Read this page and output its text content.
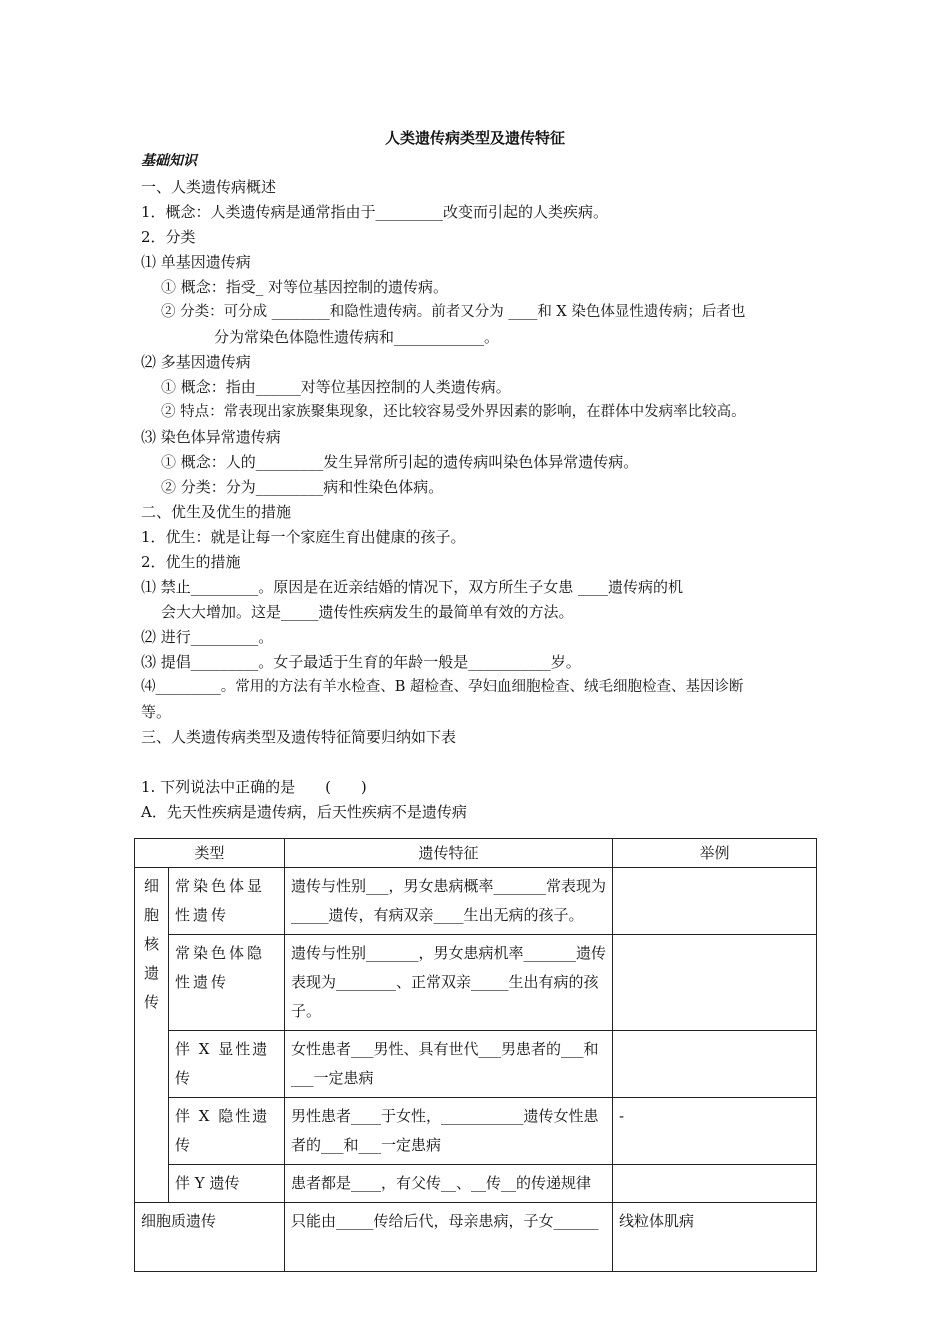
人类遗传病类型及遗传特征
基础知识
一、人类遗传病概述
1．概念：人类遗传病是通常指由于_________改变而引起的人类疾病。
2．分类
⑴ 单基因遗传病
① 概念：指受_ 对等位基因控制的遗传病。
② 分类：可分成 ________和隐性遗传病。前者又分为 ____和 X 染色体显性遗传病；后者也
分为常染色体隐性遗传病和____________。
⑵ 多基因遗传病
① 概念：指由______对等位基因控制的人类遗传病。
② 特点：常表现出家族聚集现象，还比较容易受外界因素的影响，在群体中发病率比较高。
⑶ 染色体异常遗传病
① 概念：人的_________发生异常所引起的遗传病叫染色体异常遗传病。
② 分类：分为_________病和性染色体病。
二、优生及优生的措施
1．优生：就是让每一个家庭生育出健康的孩子。
2．优生的措施
⑴ 禁止_________。原因是在近亲结婚的情况下，双方所生子女患 ____遗传病的机
会大大增加。这是_____遗传性疾病发生的最简单有效的方法。
⑵ 进行_________。
⑶ 提倡_________。女子最适于生育的年龄一般是___________岁。
⑷_________。常用的方法有羊水检查、B 超检查、孕妇血细胞检查、绒毛细胞检查、基因诊断
等。
三、人类遗传病类型及遗传特征简要归纳如下表
1. 下列说法中正确的是　　(　　)
A．先天性疾病是遗传病，后天性疾病不是遗传病
类型		遗传特征	举例

细胞核遗传	常染色体显性遗传	遗传与性别___，男女患病概率_______常表现为_____遗传，有病双亲____生出无病的孩子。	
	常染色体隐性遗传	遗传与性别_______，男女患病机率_______遗传表现为________、正常双亲_____生出有病的孩子。	
	伴 X 显性遗传	女性患者___男性、具有世代___男患者的___和___一定患病	
	伴 X 隐性遗传	男性患者____于女性，___________遗传女性患者的___和___一定患病	-
	伴 Y 遗传	患者都是____，有父传__、__传__的传递规律	
细胞质遗传		只能由_____传给后代，母亲患病，子女______	线粒体肌病
